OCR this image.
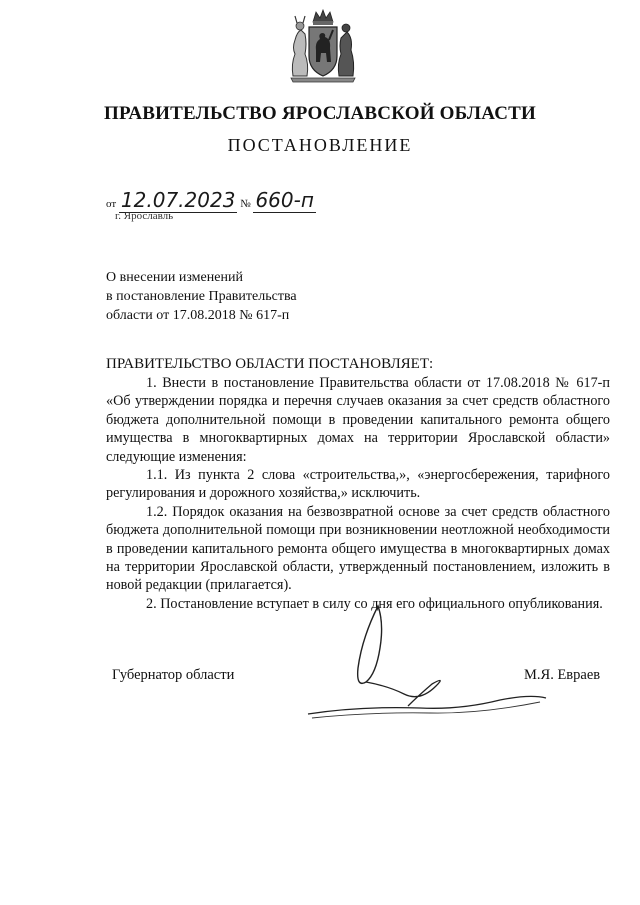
ПРАВИТЕЛЬСТВО ЯРОСЛАВСКОЙ ОБЛАСТИ
ПОСТАНОВЛЕНИЕ
от 12.07.2023 № 660-п
г. Ярославль
О внесении изменений
в постановление Правительства
области от 17.08.2018 № 617-п
ПРАВИТЕЛЬСТВО ОБЛАСТИ ПОСТАНОВЛЯЕТ:

1. Внести в постановление Правительства области от 17.08.2018 № 617-п «Об утверждении порядка и перечня случаев оказания за счет средств областного бюджета дополнительной помощи в проведении капитального ремонта общего имущества в многоквартирных домах на территории Ярославской области» следующие изменения:

1.1. Из пункта 2 слова «строительства,», «энергосбережения, тарифного регулирования и дорожного хозяйства,» исключить.

1.2. Порядок оказания на безвозвратной основе за счет средств областного бюджета дополнительной помощи при возникновении неотложной необходимости в проведении капитального ремонта общего имущества в многоквартирных домах на территории Ярославской области, утвержденный постановлением, изложить в новой редакции (прилагается).

2. Постановление вступает в силу со дня его официального опубликования.

Губернатор области	М.Я. Евраев
